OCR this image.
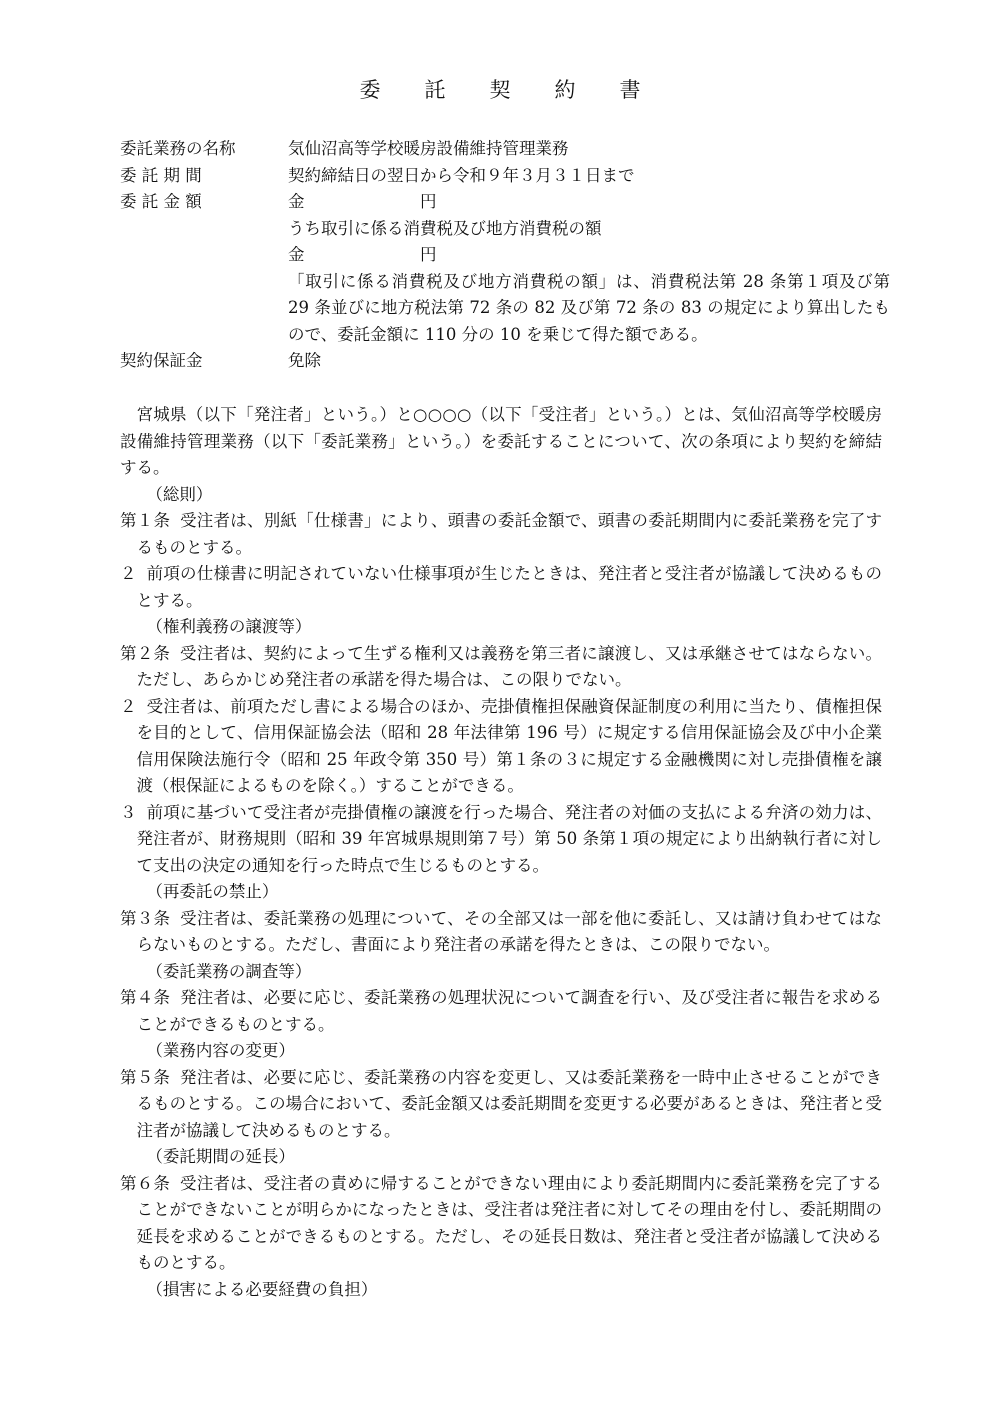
委 託 契 約 書
委託業務の名称	気仙沼高等学校暖房設備維持管理業務
委 託 期 間	契約締結日の翌日から令和９年３月３１日まで
委 託 金 額	金　　　　　　　円
うち取引に係る消費税及び地方消費税の額
金　　　　　　　円
「取引に係る消費税及び地方消費税の額」は、消費税法第 28 条第１項及び第 29 条並びに地方税法第 72 条の 82 及び第 72 条の 83 の規定により算出したもので、委託金額に 110 分の 10 を乗じて得た額である。
契約保証金	免除

宮城県（以下「発注者」という。）と○○○○（以下「受注者」という。）とは、気仙沼高等学校暖房設備維持管理業務（以下「委託業務」という。）を委託することについて、次の条項により契約を締結する。

（総則）

第１条 受注者は、別紙「仕様書」により、頭書の委託金額で、頭書の委託期間内に委託業務を完了するものとする。

２ 前項の仕様書に明記されていない仕様事項が生じたときは、発注者と受注者が協議して決めるものとする。

（権利義務の譲渡等）

第２条 受注者は、契約によって生ずる権利又は義務を第三者に譲渡し、又は承継させてはならない。ただし、あらかじめ発注者の承諾を得た場合は、この限りでない。

２ 受注者は、前項ただし書による場合のほか、売掛債権担保融資保証制度の利用に当たり、債権担保を目的として、信用保証協会法（昭和 28 年法律第 196 号）に規定する信用保証協会及び中小企業信用保険法施行令（昭和 25 年政令第 350 号）第１条の３に規定する金融機関に対し売掛債権を譲渡（根保証によるものを除く。）することができる。

３ 前項に基づいて受注者が売掛債権の譲渡を行った場合、発注者の対価の支払による弁済の効力は、発注者が、財務規則（昭和 39 年宮城県規則第７号）第 50 条第１項の規定により出納執行者に対して支出の決定の通知を行った時点で生じるものとする。

（再委託の禁止）

第３条 受注者は、委託業務の処理について、その全部又は一部を他に委託し、又は請け負わせてはならないものとする。ただし、書面により発注者の承諾を得たときは、この限りでない。

（委託業務の調査等）

第４条 発注者は、必要に応じ、委託業務の処理状況について調査を行い、及び受注者に報告を求めることができるものとする。

（業務内容の変更）

第５条 発注者は、必要に応じ、委託業務の内容を変更し、又は委託業務を一時中止させることができるものとする。この場合において、委託金額又は委託期間を変更する必要があるときは、発注者と受注者が協議して決めるものとする。

（委託期間の延長）

第６条 受注者は、受注者の責めに帰することができない理由により委託期間内に委託業務を完了することができないことが明らかになったときは、受注者は発注者に対してその理由を付し、委託期間の延長を求めることができるものとする。ただし、その延長日数は、発注者と受注者が協議して決めるものとする。

（損害による必要経費の負担）
